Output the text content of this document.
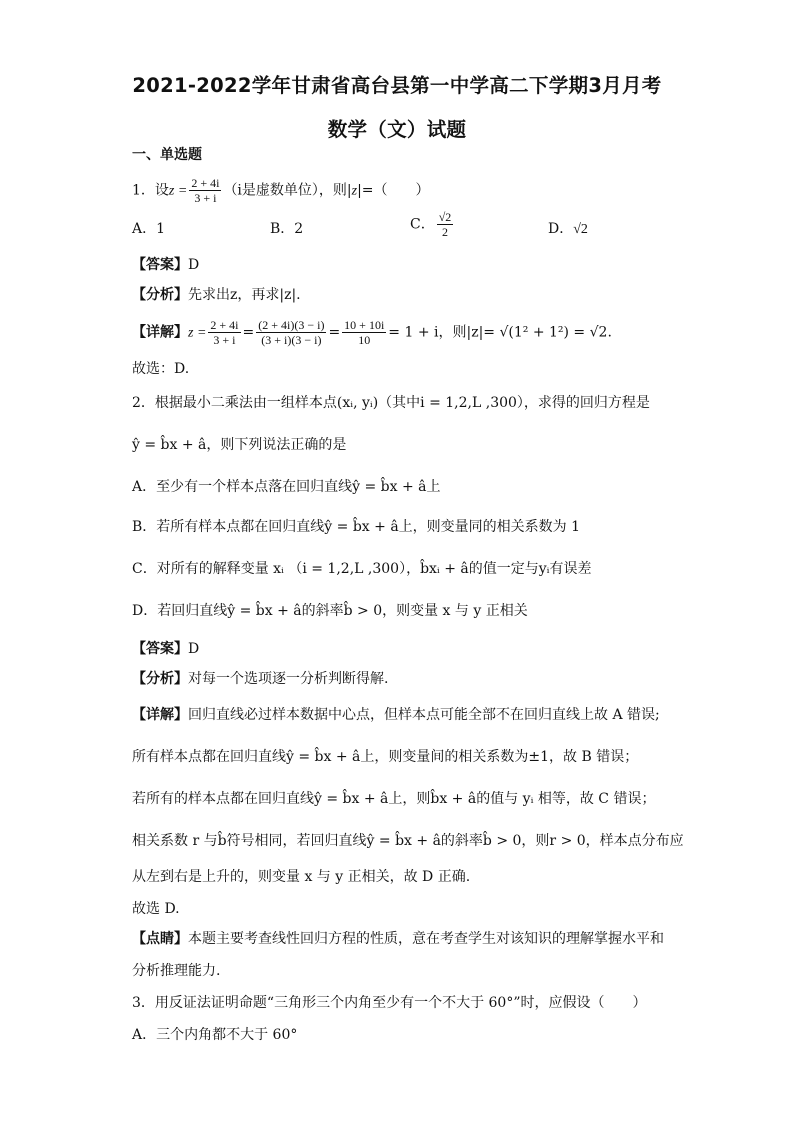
2021-2022学年甘肃省高台县第一中学高二下学期3月月考
数学（文）试题
一、单选题
1．设$z = \frac{2 + 4i}{3 + i} (i$是虚数单位），则|z|=（　　）
A．1	B．2	C． $\frac{√2}{2}$	D．√2
【答案】D
【分析】先求出z，再求|z|.
【详解】$z = \frac{2 + 4i}{3 + i} = \frac{(2 + 4i)(3 - i)}{(3 + i)(3 - i)} = \frac{10 + 10i}{10} = 1 + i$，则|z|= √(1² + 1²) = √2.
故选：D.
2．根据最小二乘法由一组样本点(xᵢ, yᵢ)（其中i = 1,2,L ,300），求得的回归方程是
ŷ = b̂x + â，则下列说法正确的是
A．至少有一个样本点落在回归直线ŷ = b̂x + â上
B．若所有样本点都在回归直线ŷ = b̂x + â上，则变量同的相关系数为 1
C．对所有的解释变量 xᵢ （i = 1,2,L ,300），b̂xᵢ + â的值一定与yᵢ有误差
D．若回归直线ŷ = b̂x + â的斜率b̂ > 0，则变量 x 与 y 正相关
【答案】D
【分析】对每一个选项逐一分析判断得解.
【详解】回归直线必过样本数据中心点，但样本点可能全部不在回归直线上故 A 错误;
所有样本点都在回归直线ŷ = b̂x + â上，则变量间的相关系数为±1，故 B 错误；
若所有的样本点都在回归直线ŷ = b̂x + â上，则b̂x + â的值与 yᵢ 相等，故 C 错误；
相关系数 r 与b̂符号相同，若回归直线ŷ = b̂x + â的斜率b̂ > 0，则r > 0，样本点分布应
从左到右是上升的，则变量 x 与 y 正相关，故 D 正确.
故选 D.
【点睛】本题主要考查线性回归方程的性质，意在考查学生对该知识的理解掌握水平和
分析推理能力.
3．用反证法证明命题“三角形三个内角至少有一个不大于 60°”时，应假设（　　）
A．三个内角都不大于 60°
